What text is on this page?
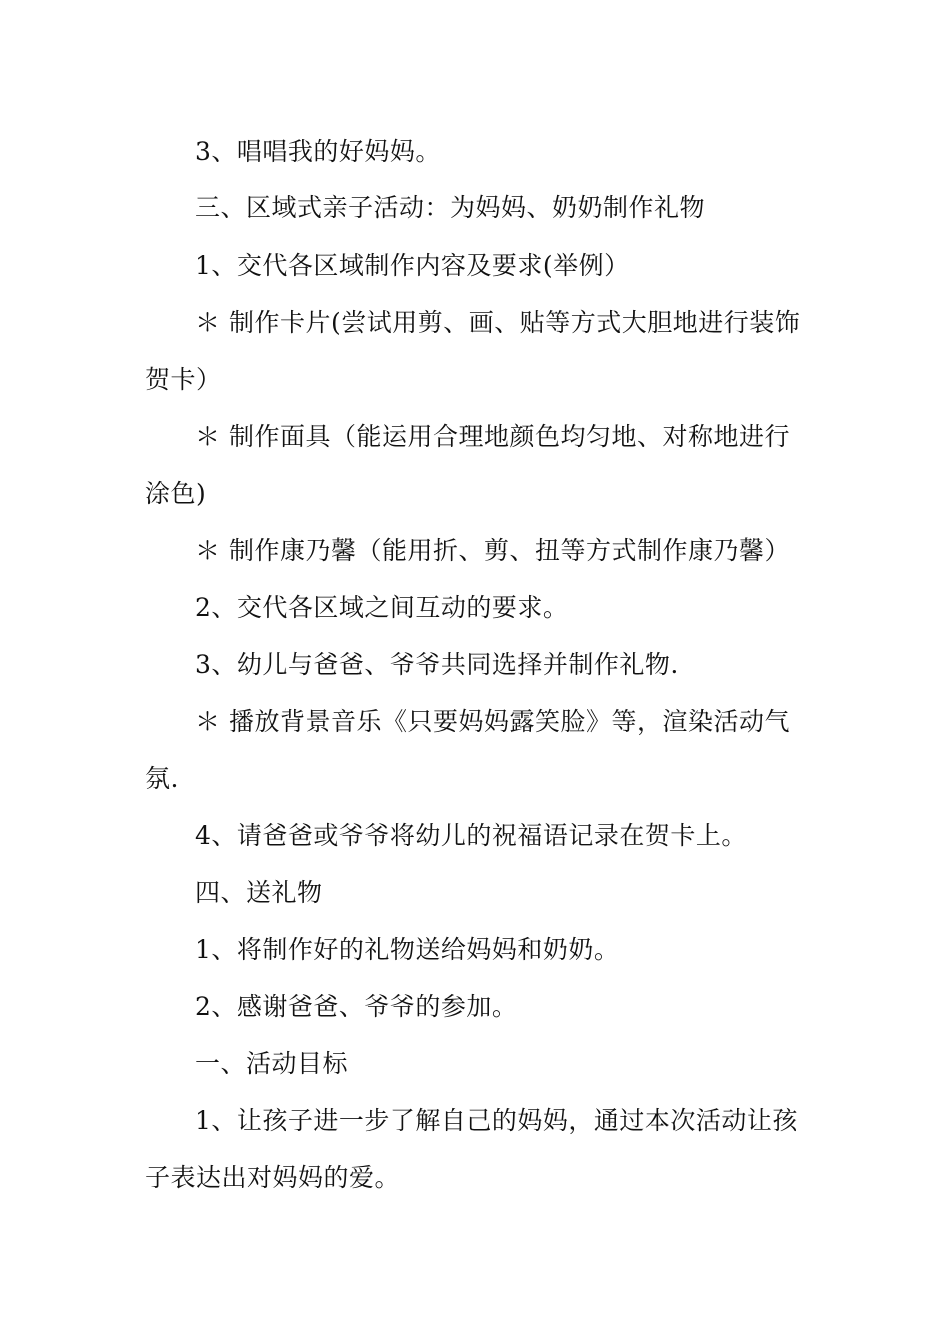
3、唱唱我的好妈妈。
三、区域式亲子活动：为妈妈、奶奶制作礼物
1、交代各区域制作内容及要求(举例）
＊ 制作卡片(尝试用剪、画、贴等方式大胆地进行装饰
贺卡）
＊ 制作面具（能运用合理地颜色均匀地、对称地进行
涂色)
＊ 制作康乃馨（能用折、剪、扭等方式制作康乃馨）
2、交代各区域之间互动的要求。
3、幼儿与爸爸、爷爷共同选择并制作礼物.
＊ 播放背景音乐《只要妈妈露笑脸》等，渲染活动气
氛.
4、请爸爸或爷爷将幼儿的祝福语记录在贺卡上。
四、送礼物
1、将制作好的礼物送给妈妈和奶奶。
2、感谢爸爸、爷爷的参加。
一、活动目标
1、让孩子进一步了解自己的妈妈，通过本次活动让孩
子表达出对妈妈的爱。
